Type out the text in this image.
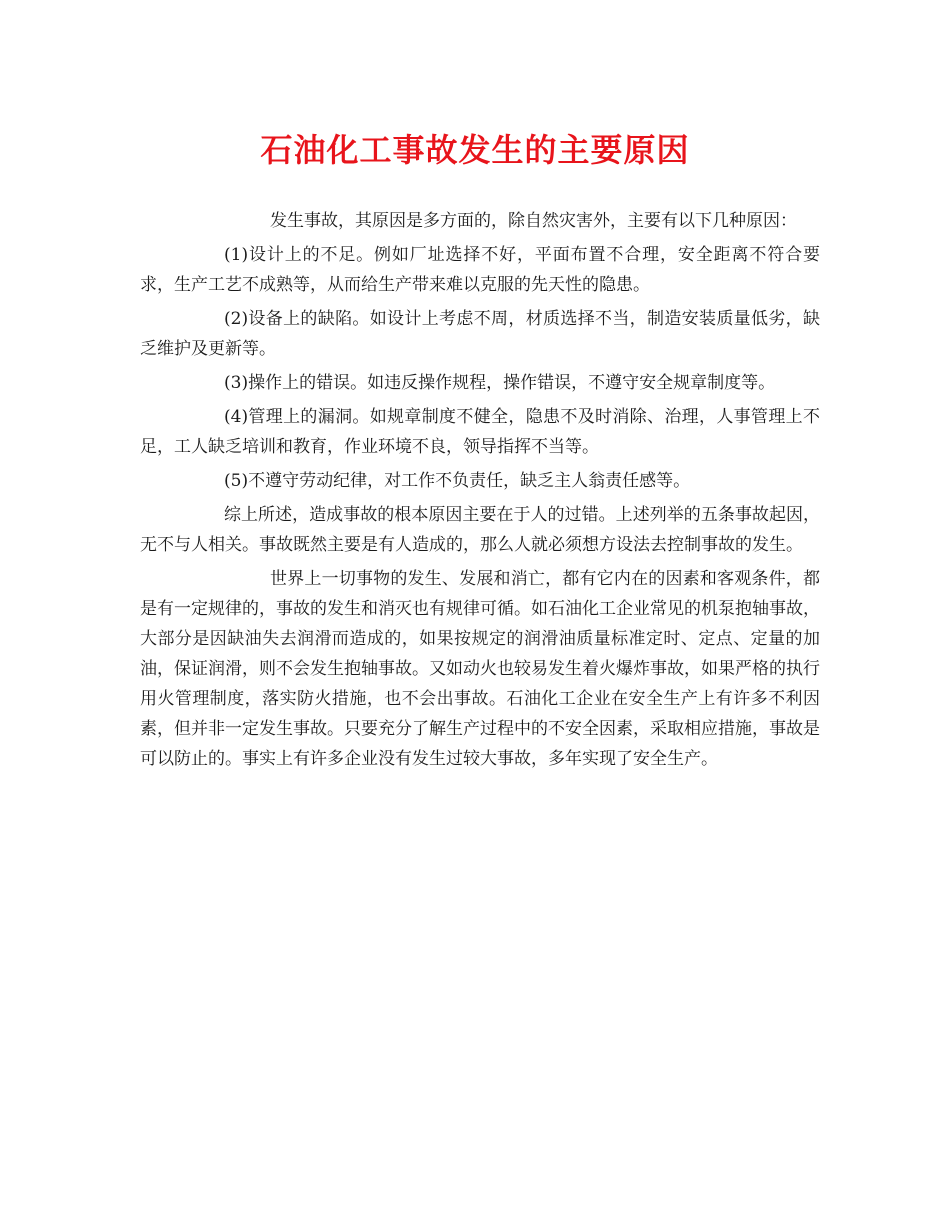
石油化工事故发生的主要原因

发生事故，其原因是多方面的，除自然灾害外，主要有以下几种原因：

(1)设计上的不足。例如厂址选择不好，平面布置不合理，安全距离不符合要求，生产工艺不成熟等，从而给生产带来难以克服的先天性的隐患。

(2)设备上的缺陷。如设计上考虑不周，材质选择不当，制造安装质量低劣，缺乏维护及更新等。

(3)操作上的错误。如违反操作规程，操作错误，不遵守安全规章制度等。

(4)管理上的漏洞。如规章制度不健全，隐患不及时消除、治理，人事管理上不足，工人缺乏培训和教育，作业环境不良，领导指挥不当等。

(5)不遵守劳动纪律，对工作不负责任，缺乏主人翁责任感等。

综上所述，造成事故的根本原因主要在于人的过错。上述列举的五条事故起因，无不与人相关。事故既然主要是有人造成的，那么人就必须想方设法去控制事故的发生。

世界上一切事物的发生、发展和消亡，都有它内在的因素和客观条件，都是有一定规律的，事故的发生和消灭也有规律可循。如石油化工企业常见的机泵抱轴事故，大部分是因缺油失去润滑而造成的，如果按规定的润滑油质量标准定时、定点、定量的加油，保证润滑，则不会发生抱轴事故。又如动火也较易发生着火爆炸事故，如果严格的执行用火管理制度，落实防火措施，也不会出事故。石油化工企业在安全生产上有许多不利因素，但并非一定发生事故。只要充分了解生产过程中的不安全因素，采取相应措施，事故是可以防止的。事实上有许多企业没有发生过较大事故，多年实现了安全生产。
